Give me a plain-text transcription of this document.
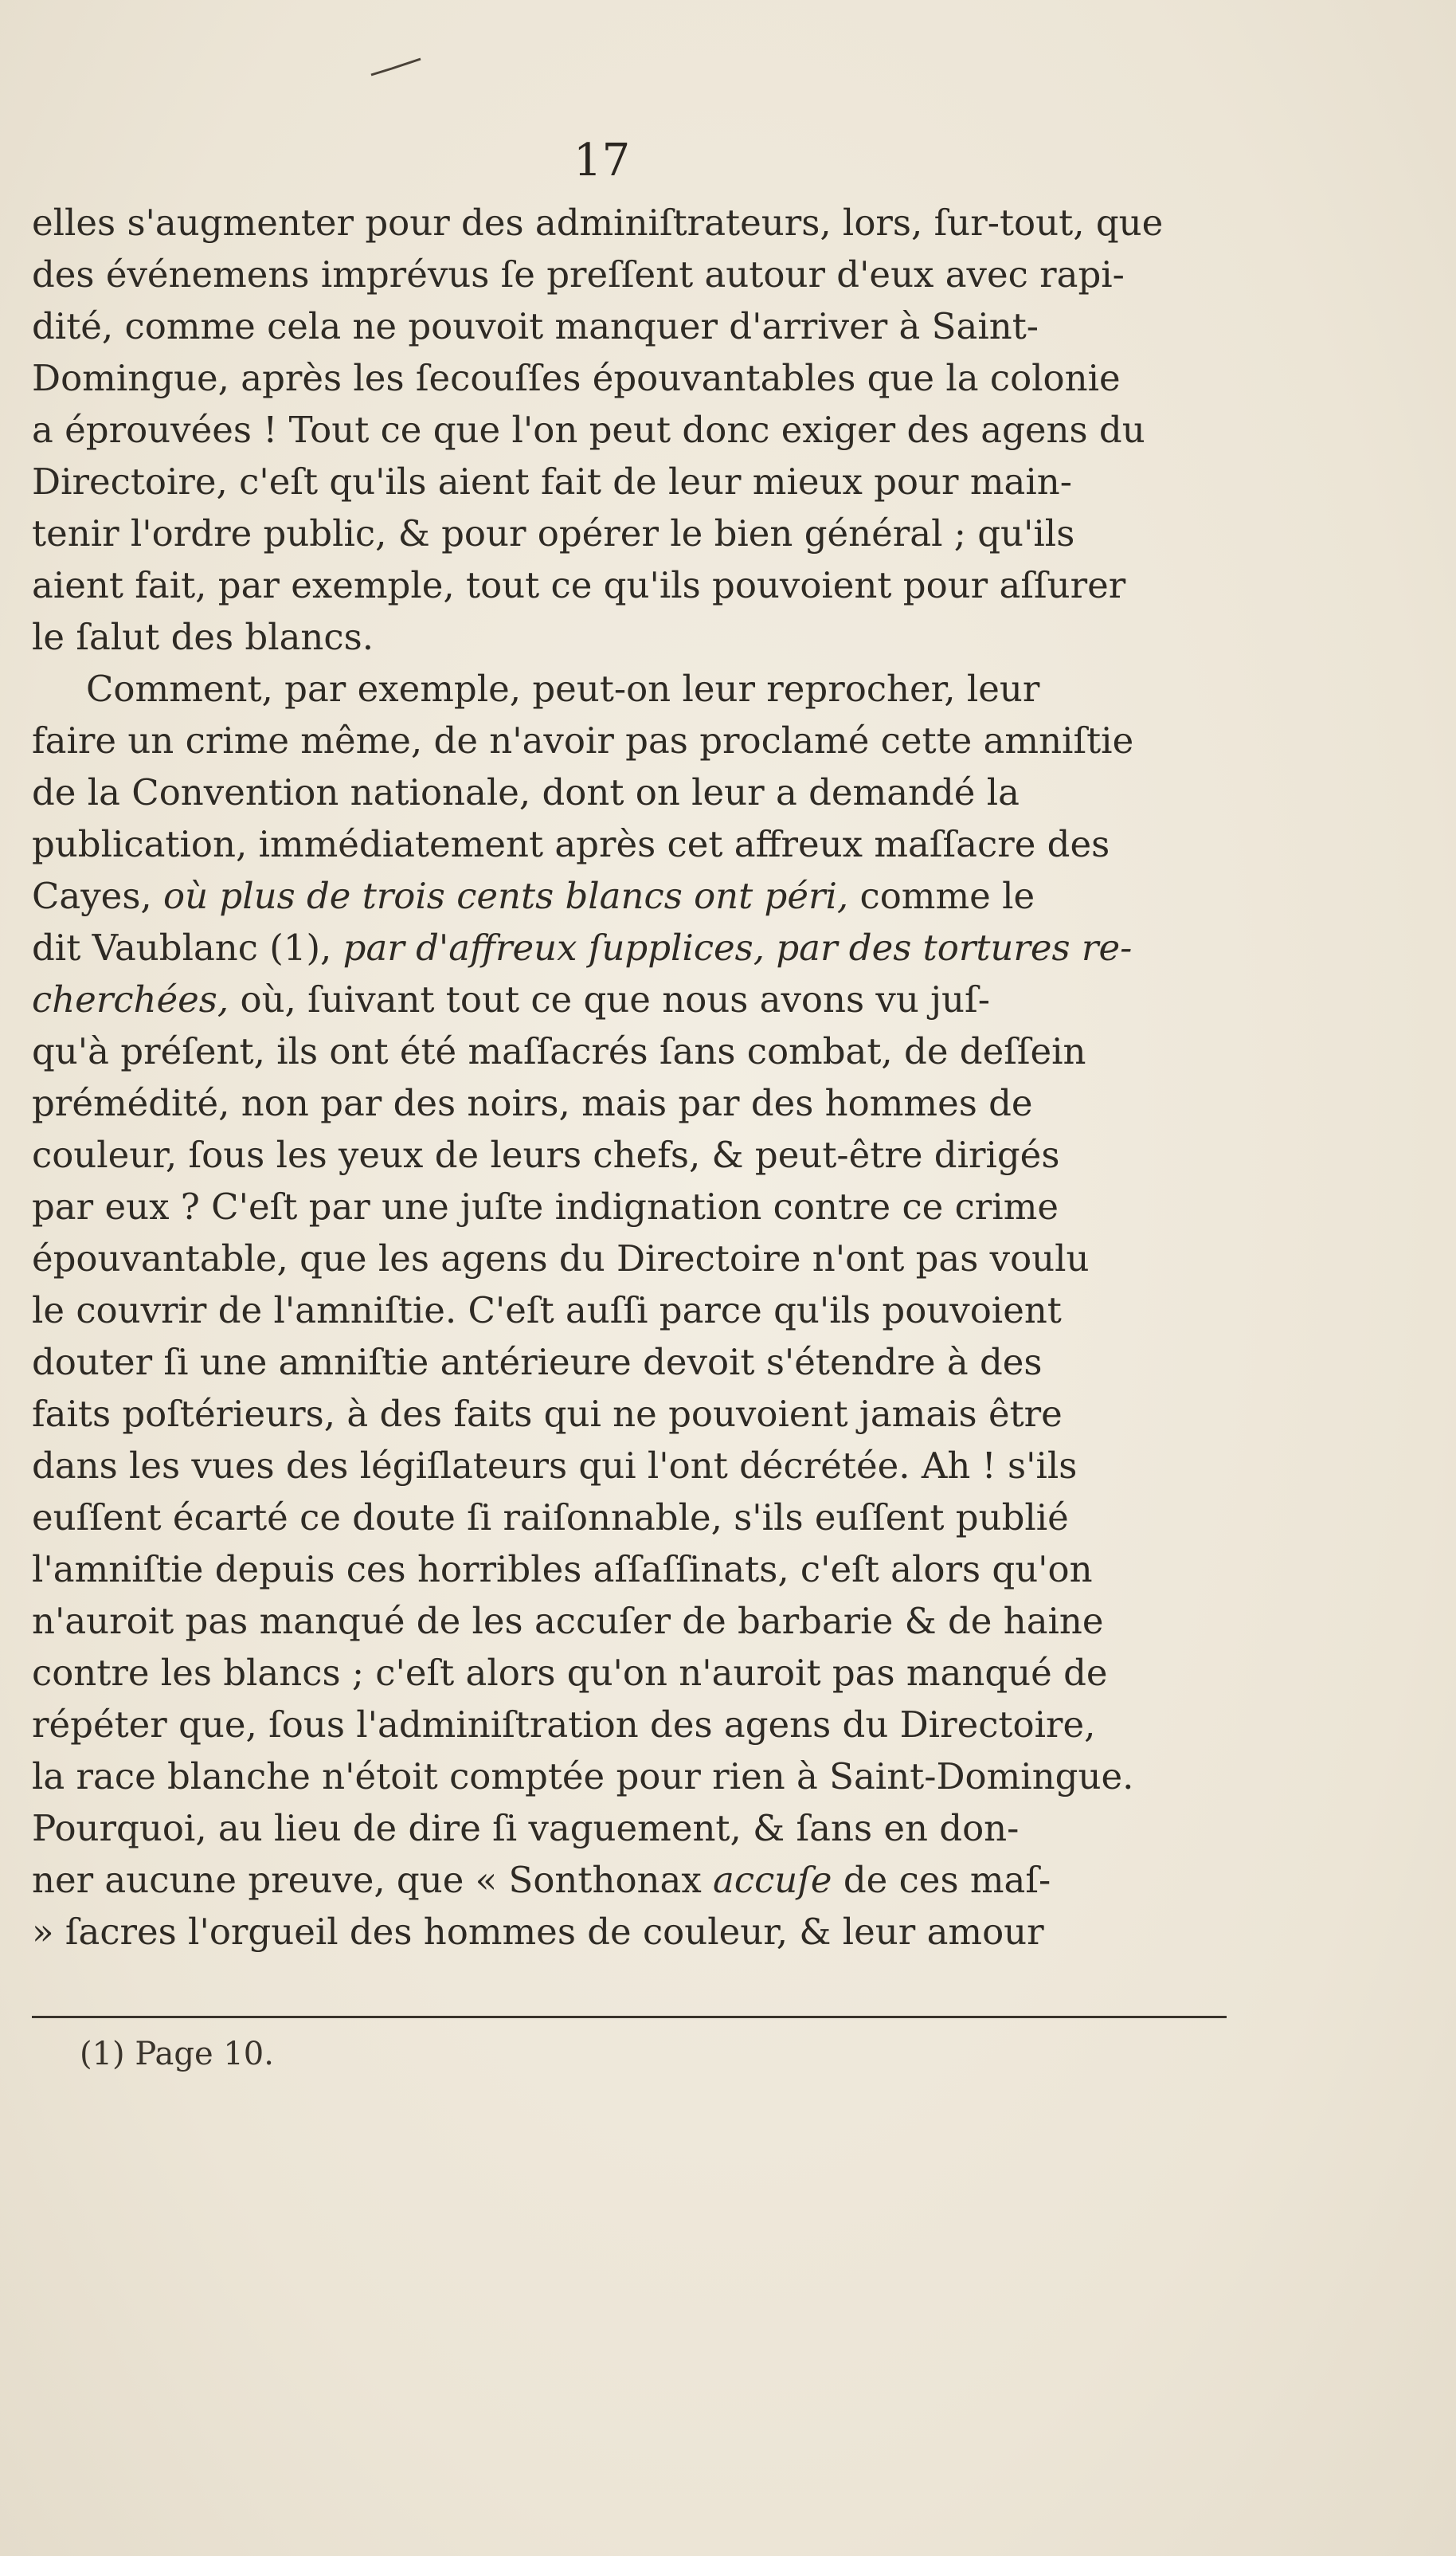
17
elles s'augmenter pour des adminiſtrateurs, lors, ſur-tout, que
des événemens imprévus ſe preſſent autour d'eux avec rapi-
dité, comme cela ne pouvoit manquer d'arriver à Saint-
Domingue, après les ſecouſſes épouvantables que la colonie
a éprouvées ! Tout ce que l'on peut donc exiger des agens du
Directoire, c'eſt qu'ils aient fait de leur mieux pour main-
tenir l'ordre public, & pour opérer le bien général ; qu'ils
aient fait, par exemple, tout ce qu'ils pouvoient pour aſſurer
le ſalut des blancs.
Comment, par exemple, peut-on leur reprocher, leur
faire un crime même, de n'avoir pas proclamé cette amniſtie
de la Convention nationale, dont on leur a demandé la
publication, immédiatement après cet affreux maſſacre des
Cayes, où plus de trois cents blancs ont péri, comme le
dit Vaublanc (1), par d'affreux ſupplices, par des tortures re-
cherchées, où, ſuivant tout ce que nous avons vu juſ-
qu'à préſent, ils ont été maſſacrés ſans combat, de deſſein
prémédité, non par des noirs, mais par des hommes de
couleur, ſous les yeux de leurs chefs, & peut-être dirigés
par eux ? C'eſt par une juſte indignation contre ce crime
épouvantable, que les agens du Directoire n'ont pas voulu
le couvrir de l'amniſtie. C'eſt auſſi parce qu'ils pouvoient
douter ſi une amniſtie antérieure devoit s'étendre à des
faits poſtérieurs, à des faits qui ne pouvoient jamais être
dans les vues des légiſlateurs qui l'ont décrétée. Ah ! s'ils
euſſent écarté ce doute ſi raiſonnable, s'ils euſſent publié
l'amniſtie depuis ces horribles aſſaſſinats, c'eſt alors qu'on
n'auroit pas manqué de les accuſer de barbarie & de haine
contre les blancs ; c'eſt alors qu'on n'auroit pas manqué de
répéter que, ſous l'adminiſtration des agens du Directoire,
la race blanche n'étoit comptée pour rien à Saint-Domingue.
Pourquoi, au lieu de dire ſi vaguement, & ſans en don-
ner aucune preuve, que « Sonthonax accuſe de ces maſ-
» ſacres l'orgueil des hommes de couleur, & leur amour
(1) Page 10.
